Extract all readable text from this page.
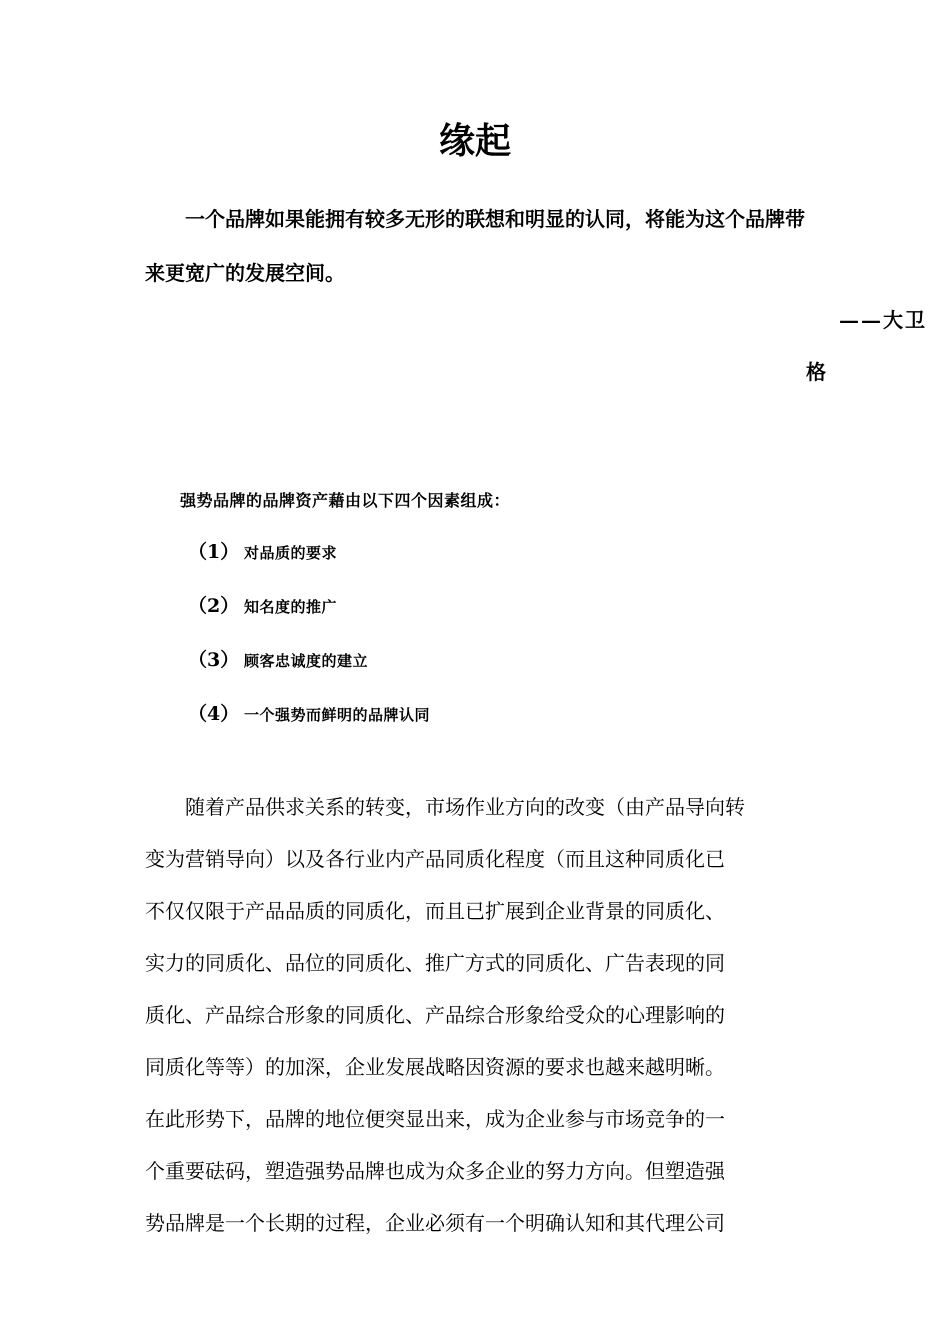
缘起

一个品牌如果能拥有较多无形的联想和明显的认同，将能为这个品牌带来更宽广的发展空间。

——大卫
格
强势品牌的品牌资产藉由以下四个因素组成：
（1） 对品质的要求
（2） 知名度的推广
（3） 顾客忠诚度的建立
（4） 一个强势而鲜明的品牌认同
　　随着产品供求关系的转变，市场作业方向的改变（由产品导向转
变为营销导向）以及各行业内产品同质化程度（而且这种同质化已
不仅仅限于产品品质的同质化，而且已扩展到企业背景的同质化、
实力的同质化、品位的同质化、推广方式的同质化、广告表现的同
质化、产品综合形象的同质化、产品综合形象给受众的心理影响的
同质化等等）的加深，企业发展战略因资源的要求也越来越明晰。
在此形势下，品牌的地位便突显出来，成为企业参与市场竞争的一
个重要砝码，塑造强势品牌也成为众多企业的努力方向。但塑造强
势品牌是一个长期的过程，企业必须有一个明确认知和其代理公司
